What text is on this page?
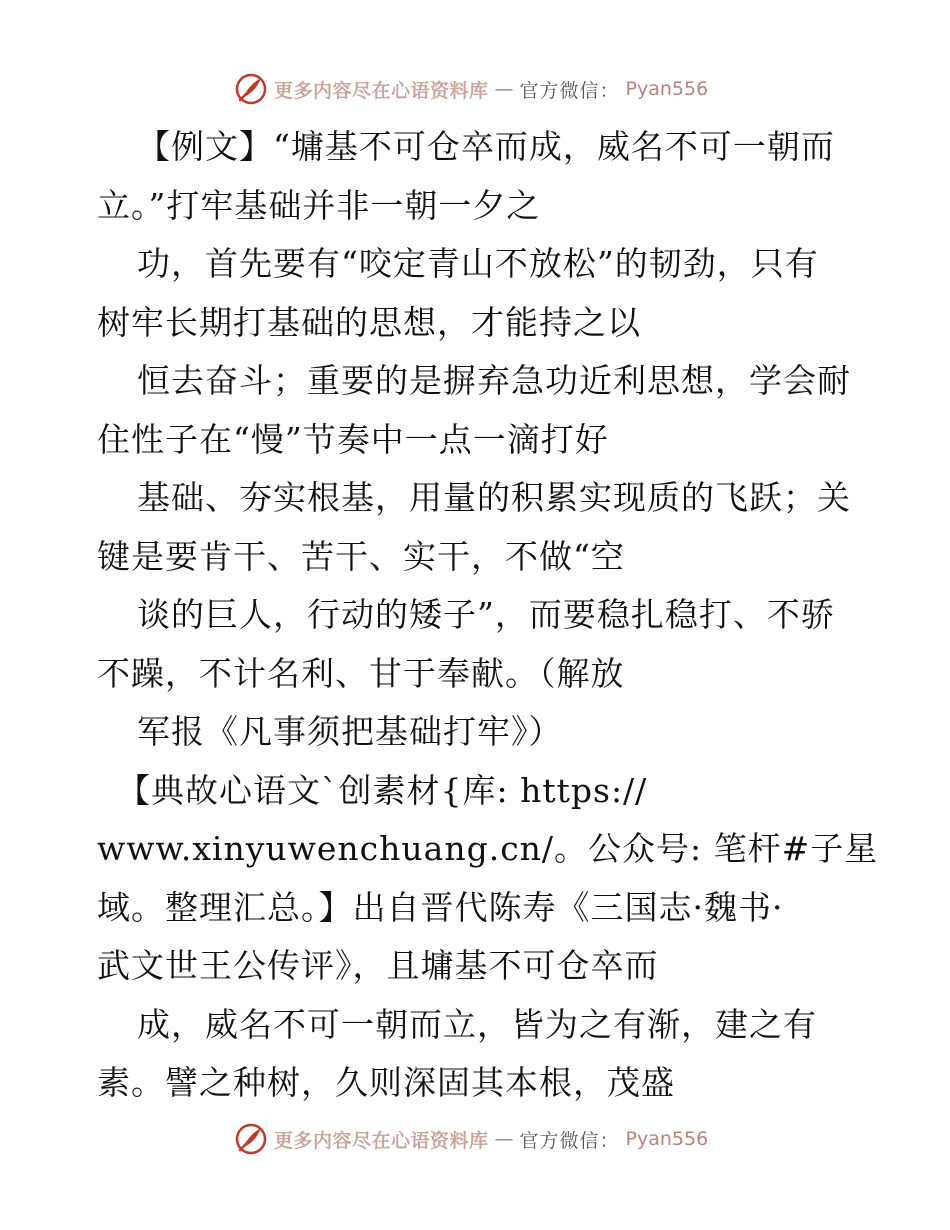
更多内容尽在心语资料库 — 官方微信： Pyan556
【例文】“墉基不可仓卒而成，威名不可一朝而
立。”打牢基础并非一朝一夕之
功，首先要有“咬定青山不放松”的韧劲，只有
树牢长期打基础的思想，才能持之以
恒去奋斗；重要的是摒弃急功近利思想，学会耐
住性子在“慢”节奏中一点一滴打好
基础、夯实根基，用量的积累实现质的飞跃；关
键是要肯干、苦干、实干，不做“空
谈的巨人，行动的矮子”，而要稳扎稳打、不骄
不躁，不计名利、甘于奉献。（解放
军报《凡事须把基础打牢》）
【典故心语文`创素材{库: https://
www.xinyuwenchuang.cn/。公众号: 笔杆#子星
域。整理汇总。】出自晋代陈寿《三国志·魏书·
武文世王公传评》，且墉基不可仓卒而
成，威名不可一朝而立，皆为之有渐，建之有
素。譬之种树，久则深固其本根，茂盛
更多内容尽在心语资料库 — 官方微信： Pyan556
